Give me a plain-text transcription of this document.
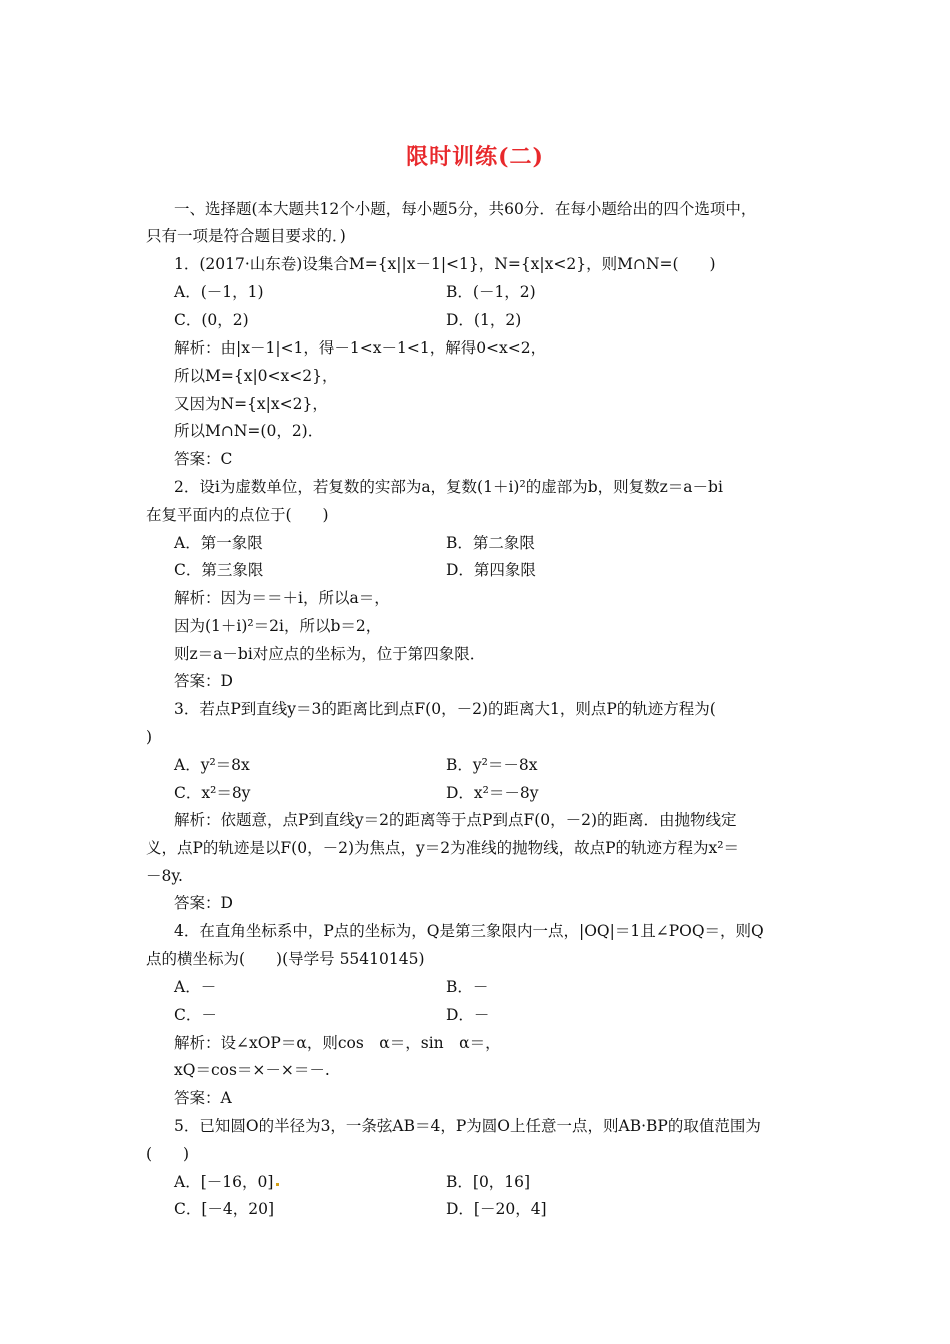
限时训练(二)
一、选择题(本大题共12个小题，每小题5分，共60分．在每小题给出的四个选项中，
只有一项是符合题目要求的．)
1．(2017·山东卷)设集合M={x||x－1|<1}，N={x|x<2}，则M∩N=(　　)
A．(－1，1)	B．(－1，2)
C．(0，2)	D．(1，2)
解析：由|x－1|<1，得－1<x－1<1，解得0<x<2，
所以M={x|0<x<2}，
又因为N={x|x<2}，
所以M∩N=(0，2)．
答案：C
2．设i为虚数单位，若复数的实部为a，复数(1＋i)²的虚部为b，则复数z＝a－bi
在复平面内的点位于(　　)
A．第一象限	B．第二象限
C．第三象限	D．第四象限
解析：因为＝＝＋i，所以a＝，
因为(1＋i)²＝2i，所以b＝2，
则z＝a－bi对应点的坐标为，位于第四象限．
答案：D
3．若点P到直线y＝3的距离比到点F(0，－2)的距离大1，则点P的轨迹方程为(
)
A．y²＝8x	B．y²＝－8x
C．x²＝8y	D．x²＝－8y
解析：依题意，点P到直线y＝2的距离等于点P到点F(0，－2)的距离．由抛物线定
义，点P的轨迹是以F(0，－2)为焦点，y＝2为准线的抛物线，故点P的轨迹方程为x²＝
－8y.
答案：D
4．在直角坐标系中，P点的坐标为，Q是第三象限内一点，|OQ|＝1且∠POQ＝，则Q
点的横坐标为(　　)(导学号 55410145)
A．－	B．－
C．－	D．－
解析：设∠xOP＝α，则cos　α＝，sin　α＝，
xQ＝cos＝×－×＝－.
答案：A
5．已知圆O的半径为3，一条弦AB＝4，P为圆O上任意一点，则AB·BP的取值范围为
(　　)
A．[－16，0]	B．[0，16]
C．[－4，20]	D．[－20，4]
